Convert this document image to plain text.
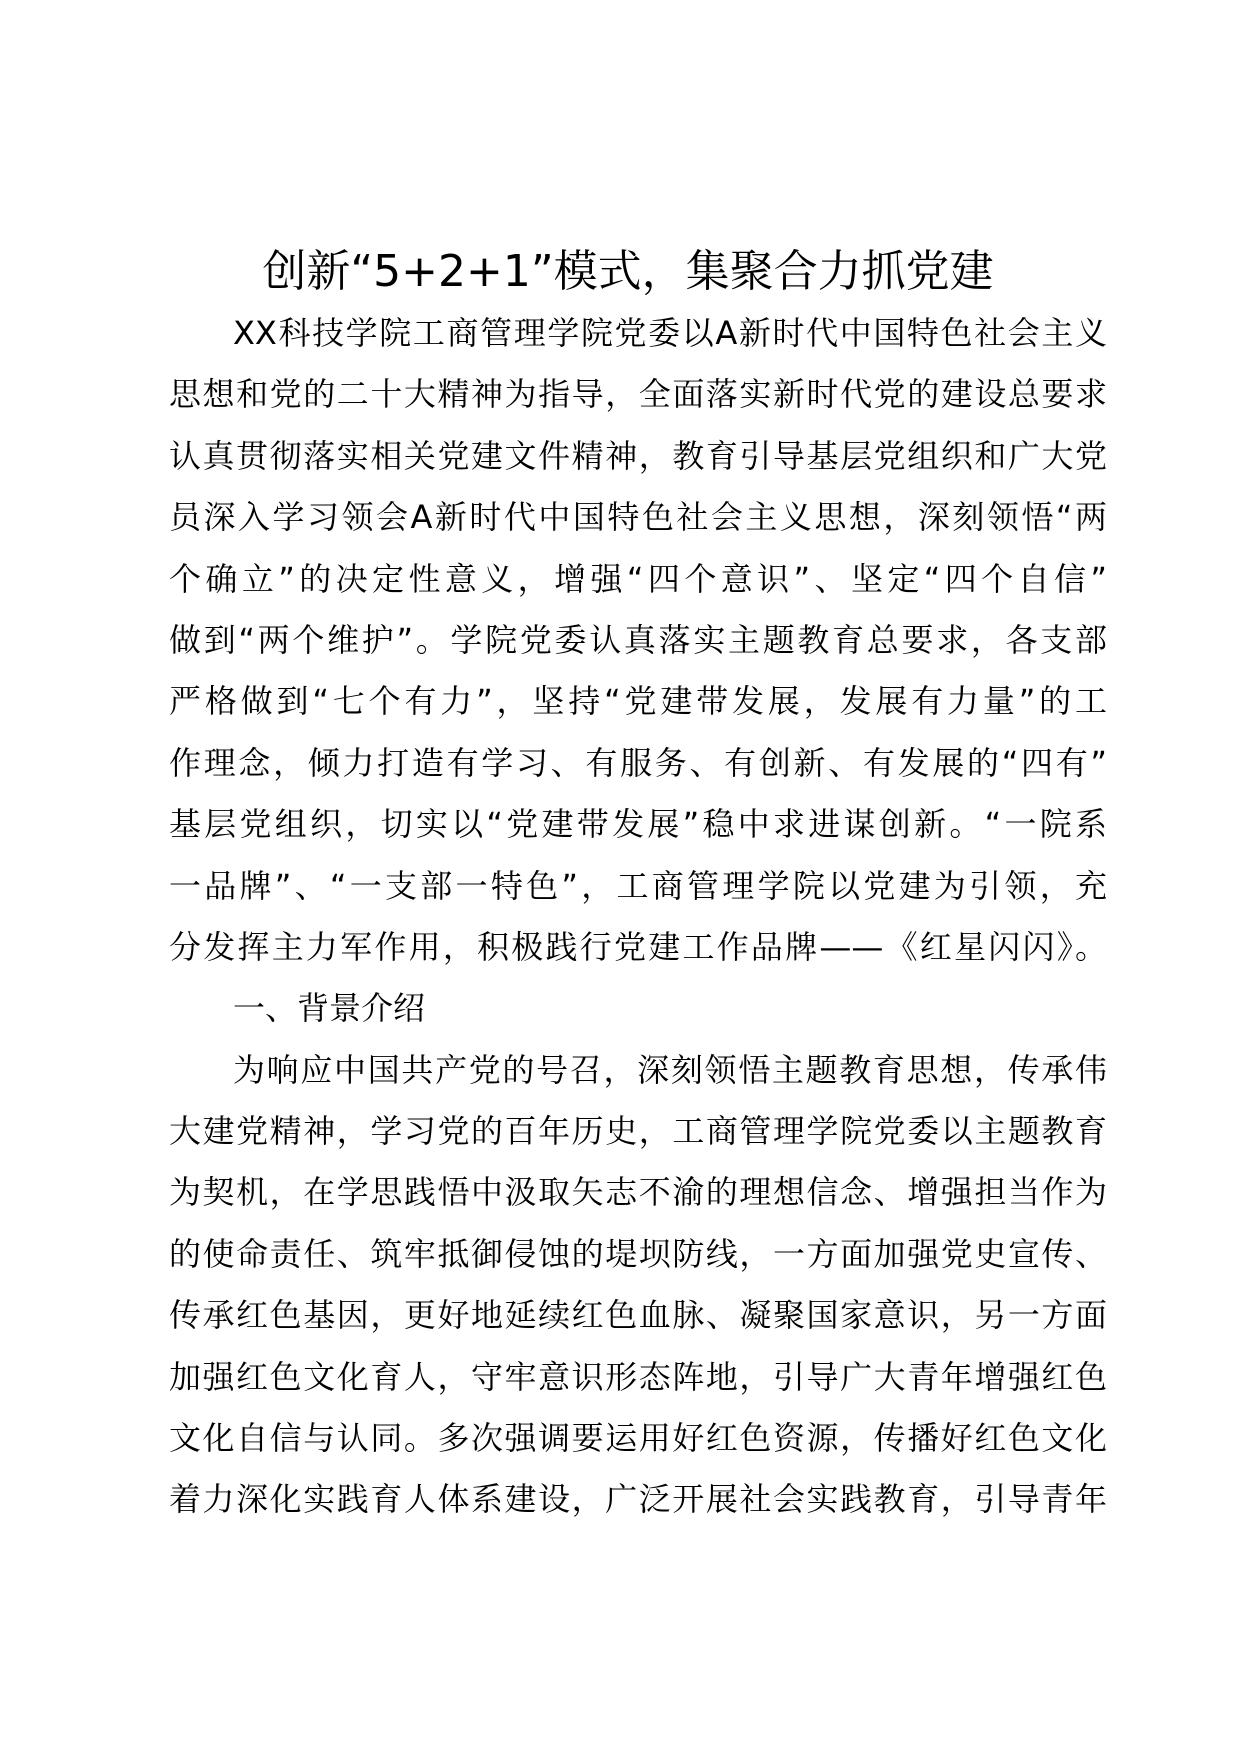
创新“5+2+1”模式，集聚合力抓党建
XX科技学院工商管理学院党委以A新时代中国特色社会主义
思想和党的二十大精神为指导，全面落实新时代党的建设总要求
认真贯彻落实相关党建文件精神，教育引导基层党组织和广大党
员深入学习领会A新时代中国特色社会主义思想，深刻领悟“两
个确立”的决定性意义，增强“四个意识”、坚定“四个自信”
做到“两个维护”。学院党委认真落实主题教育总要求，各支部
严格做到“七个有力”，坚持“党建带发展，发展有力量”的工
作理念，倾力打造有学习、有服务、有创新、有发展的“四有”
基层党组织，切实以“党建带发展”稳中求进谋创新。“一院系
一品牌”、“一支部一特色”，工商管理学院以党建为引领，充
分发挥主力军作用，积极践行党建工作品牌——《红星闪闪》。
一、背景介绍
为响应中国共产党的号召，深刻领悟主题教育思想，传承伟
大建党精神，学习党的百年历史，工商管理学院党委以主题教育
为契机，在学思践悟中汲取矢志不渝的理想信念、增强担当作为
的使命责任、筑牢抵御侵蚀的堤坝防线，一方面加强党史宣传、
传承红色基因，更好地延续红色血脉、凝聚国家意识，另一方面
加强红色文化育人，守牢意识形态阵地，引导广大青年增强红色
文化自信与认同。多次强调要运用好红色资源，传播好红色文化
着力深化实践育人体系建设，广泛开展社会实践教育，引导青年
